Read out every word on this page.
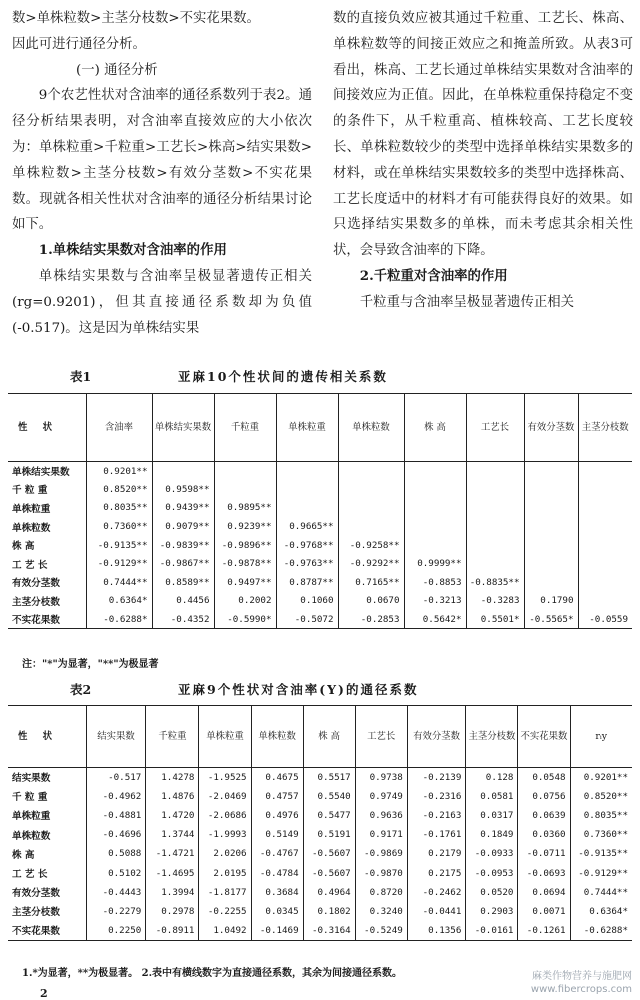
数>单株粒数>主茎分枝数>不实花果数。

因此可进行通径分析。

(一) 通径分析

9个农艺性状对含油率的通径系数列于表2。通径分析结果表明，对含油率直接效应的大小依次为：单株粒重>千粒重>工艺长>株高>结实果数>单株粒数>主茎分枝数>有效分茎数>不实花果数。现就各相关性状对含油率的通径分析结果讨论如下。

1.单株结实果数对含油率的作用

单株结实果数与含油率呈极显著遗传正相关 (rg=0.9201)，但其直接通径系数却为负值 (-0.517)。这是因为单株结实果

数的直接负效应被其通过千粒重、工艺长、株高、单株粒数等的间接正效应之和掩盖所致。从表3可看出，株高、工艺长通过单株结实果数对含油率的间接效应为正值。因此，在单株粒重保持稳定不变的条件下，从千粒重高、植株较高、工艺长度较长、单株粒数较少的类型中选择单株结实果数多的材料，或在单株结实果数较多的类型中选择株高、工艺长度适中的材料才有可能获得良好的效果。如只选择结实果数多的单株，而未考虑其余相关性状，会导致含油率的下降。

2.千粒重对含油率的作用

千粒重与含油率呈极显著遗传正相关

表1	亚麻10个性状间的遗传相关系数
性 状	含油率	单株结实果数	千粒重	单株粒重	单株粒数	株 高	工艺长	有效分茎数	主茎分枝数
单株结实果数	0.9201**								
千 粒 重	0.8520**	0.9598**							
单株粒重	0.8035**	0.9439**	0.9895**						
单株粒数	0.7360**	0.9079**	0.9239**	0.9665**					
株 高	-0.9135**	-0.9839**	-0.9896**	-0.9768**	-0.9258**				
工 艺 长	-0.9129**	-0.9867**	-0.9878**	-0.9763**	-0.9292**	0.9999**			
有效分茎数	0.7444**	0.8589**	0.9497**	0.8787**	0.7165**	-0.8853	-0.8835**		
主茎分枝数	0.6364*	0.4456	0.2002	0.1060	0.0670	-0.3213	-0.3283	0.1790	
不实花果数	-0.6288*	-0.4352	-0.5990*	-0.5072	-0.2853	0.5642*	0.5501*	-0.5565*	-0.0559
注："*"为显著，"**"为极显著
表2	亚麻9个性状对含油率(Y)的通径系数
性 状	结实果数	千粒重	单株粒重	单株粒数	株 高	工艺长	有效分茎数	主茎分枝数	不实花果数	rᵢy
结实果数	-0.517	1.4278	-1.9525	0.4675	0.5517	0.9738	-0.2139	0.128	0.0548	0.9201**
千 粒 重	-0.4962	1.4876	-2.0469	0.4757	0.5540	0.9749	-0.2316	0.0581	0.0756	0.8520**
单株粒重	-0.4881	1.4720	-2.0686	0.4976	0.5477	0.9636	-0.2163	0.0317	0.0639	0.8035**
单株粒数	-0.4696	1.3744	-1.9993	0.5149	0.5191	0.9171	-0.1761	0.1849	0.0360	0.7360**
株 高	0.5088	-1.4721	2.0206	-0.4767	-0.5607	-0.9869	0.2179	-0.0933	-0.0711	-0.9135**
工 艺 长	0.5102	-1.4695	2.0195	-0.4784	-0.5607	-0.9870	0.2175	-0.0953	-0.0693	-0.9129**
有效分茎数	-0.4443	1.3994	-1.8177	0.3684	0.4964	0.8720	-0.2462	0.0520	0.0694	0.7444**
主茎分枝数	-0.2279	0.2978	-0.2255	0.0345	0.1802	0.3240	-0.0441	0.2903	0.0071	0.6364*
不实花果数	0.2250	-0.8911	1.0492	-0.1469	-0.3164	-0.5249	0.1356	-0.0161	-0.1261	-0.6288*
1.*为显著，**为极显著。 2.表中有横线数字为直接通径系数，其余为间接通径系数。
2
麻类作物营养与施肥网
www.fibercrops.com
